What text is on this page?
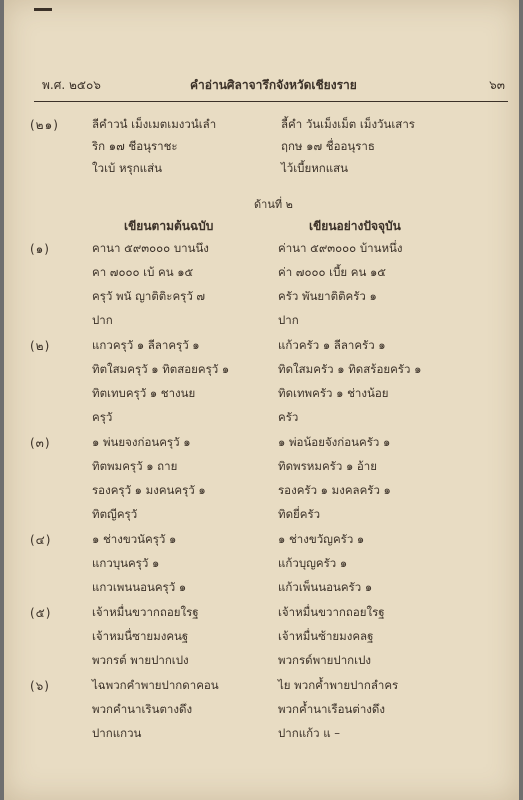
พ.ศ. ๒๕๐๖	คำอ่านศิลาจารึกจังหวัดเชียงราย	๖๓
(๒๑)	ลีคำวนํ เม็งเมตเมงวนํเลํา	ลี้คำ วันเม็งเม็ต เม็งวันเสาร
ริก ๑๗ ชีอนุราชะ	ฤกษ ๑๗ ชื่ออนุราธ
ใวเบ้ หรุกแส่น	ไว้เบี้ยหกแสน
ด้านที่ ๒
เขียนตามต้นฉบับ	เขียนอย่างปัจจุบัน
(๑)	คานา ๕๙๓๐๐๐ บานนึง	ค่านา ๕๙๓๐๐๐ บ้านหนึ่ง
คา ๗๐๐๐ เบ้ คน ๑๕	ค่า ๗๐๐๐ เบี้ย คน ๑๕
ครุวั พนั ญาติติะครุวั ๗	ครัว พันยาติติครัว ๑
ปาก	ปาก
(๒)	แกวครุวั ๑ ลีลาครุวั ๑	แก้วครัว ๑ ลีลาครัว ๑
ทิตใสมครุวั ๑ ทิตสอยครุวั ๑	ทิดใสมครัว ๑ ทิดสร้อยครัว ๑
ทิตเทบครุวั ๑ ชางนย	ทิดเทพครัว ๑ ช่างน้อย
ครุวั	ครัว
(๓)	๑ พ่นยจงก่อนครุวั ๑	๑ พ่อน้อยจังก่อนครัว ๑
ทิตพมครุวั ๑ ถาย	ทิดพรหมครัว ๑ อ้าย
รองครุวั ๑ มงคนครุวั ๑	รองครัว ๑ มงคลครัว ๑
ทิตญีครุวั	ทิดยี่ครัว
(๔)	๑ ช่างขวนัครุวั ๑	๑ ช่างขวัญครัว ๑
แกวบุนครุวั ๑	แก้วบุญครัว ๑
แกวเพนนอนครุวั ๑	แก้วเพ็นนอนครัว ๑
(๕)	เจ้าหมื่นขวากถอยใรฐ	เจ้าหมื่นขวากถอยใรฐ
เจ้าหมนื่ซายมงคนฐ	เจ้าหมื่นซ้ายมงคลฐ
พวกรต์ พายปากเปง	พวกรด์พายปากเปง
(๖)	ไฉพวกคำพายปากดาคอน	ไย พวกค้ำพายปากลำคร
พวกคำนาเรินตางดึง	พวกค้ำนาเรือนต่างดึง
ปากแกวน	ปากแก้ว แ –
